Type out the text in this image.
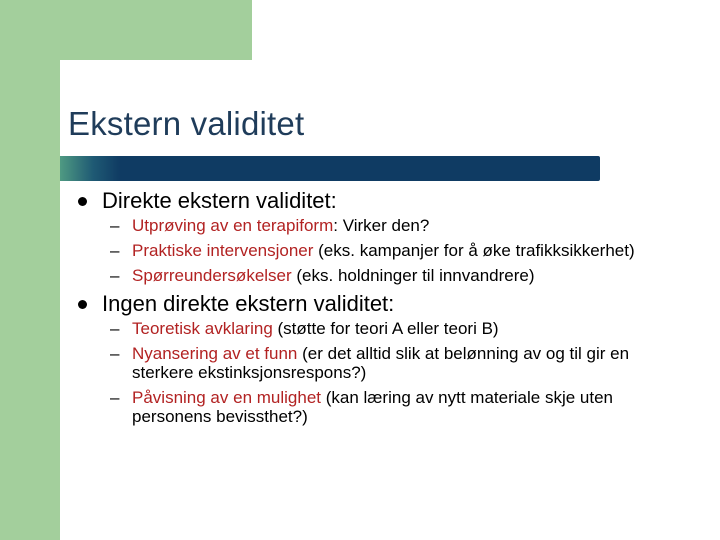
Ekstern validitet
Direkte ekstern validitet:
– Utprøving av en terapiform: Virker den?
– Praktiske intervensjoner (eks. kampanjer for å øke trafikksikkerhet)
– Spørreundersøkelser (eks. holdninger til innvandrere)
Ingen direkte ekstern validitet:
– Teoretisk avklaring (støtte for teori A eller teori B)
– Nyansering av et funn (er det alltid slik at belønning av og til gir en sterkere ekstinksjonsrespons?)
– Påvisning av en mulighet (kan læring av nytt materiale skje uten personens bevissthet?)
